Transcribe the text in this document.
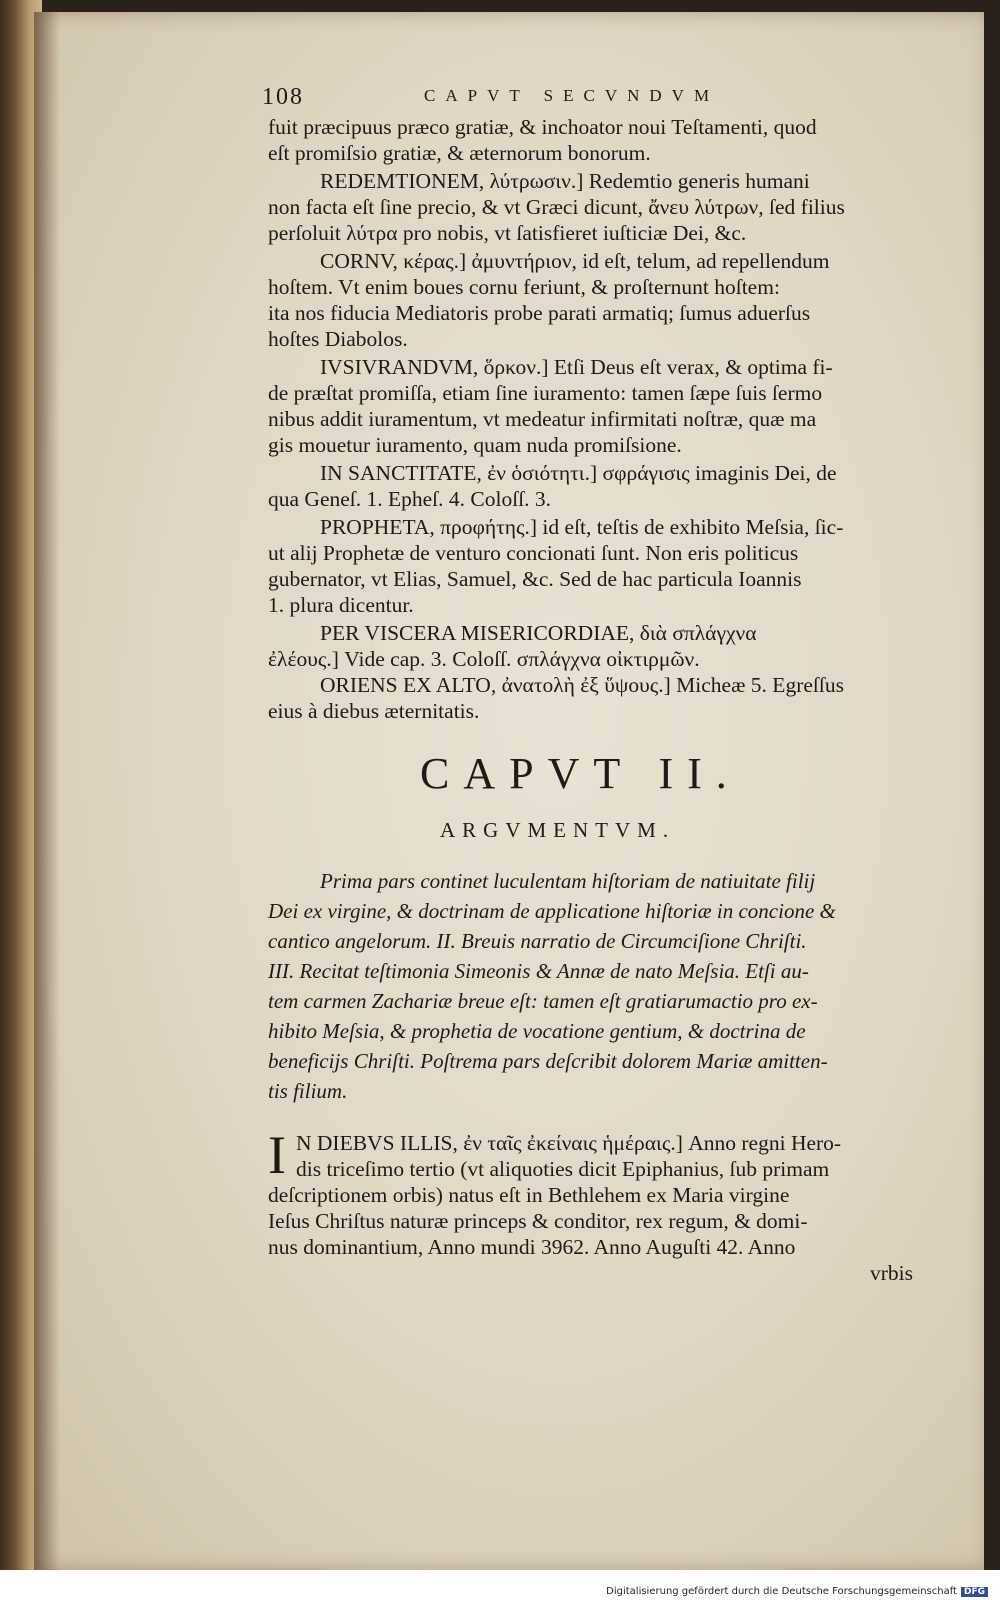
108	CAPVT SECVNDVM
fuit præcipuus præco gratiæ, & inchoator noui Teſtamenti, quod
eſt promiſsio gratiæ, & æternorum bonorum.
REDEMTIONEM, λύτρωσιν.] Redemtio generis humani
non facta eſt ſine precio, & vt Græci dicunt, ἄνευ λύτρων, ſed filius
perſoluit λύτρα pro nobis, vt ſatisfieret iuſticiæ Dei, &c.
CORNV, κέρας.] ἀμυντήριον, id eſt, telum, ad repellendum
hoſtem. Vt enim boues cornu feriunt, & proſternunt hoſtem:
ita nos fiducia Mediatoris probe parati armatiq; ſumus aduerſus
hoſtes Diabolos.
IVSIVRANDVM, ὅρκον.] Etſi Deus eſt verax, & optima fi-
de præſtat promiſſa, etiam ſine iuramento: tamen ſæpe ſuis ſermo
nibus addit iuramentum, vt medeatur infirmitati noſtræ, quæ ma
gis mouetur iuramento, quam nuda promiſsione.
IN SANCTITATE, ἐν ὁσιότητι.] σφράγισις imaginis Dei, de
qua Geneſ. 1. Epheſ. 4. Coloſſ. 3.
PROPHETA, προφήτης.] id eſt, teſtis de exhibito Meſsia, ſic-
ut alij Prophetæ de venturo concionati ſunt. Non eris politicus
gubernator, vt Elias, Samuel, &c. Sed de hac particula Ioannis
1. plura dicentur.
PER VISCERA MISERICORDIAE, διὰ σπλάγχνα
ἐλέους.] Vide cap. 3. Coloſſ. σπλάγχνα οἰκτιρμῶν.
ORIENS EX ALTO, ἀνατολὴ ἐξ ὕψους.] Micheæ 5. Egreſſus
eius à diebus æternitatis.
CAPVT II.
ARGVMENTVM.
Prima pars continet luculentam hiſtoriam de natiuitate filij
Dei ex virgine, & doctrinam de applicatione hiſtoriæ in concione &
cantico angelorum. II. Breuis narratio de Circumciſione Chriſti.
III. Recitat teſtimonia Simeonis & Annæ de nato Meſsia. Etſi au-
tem carmen Zachariæ breue eſt: tamen eſt gratiarumactio pro ex-
hibito Meſsia, & prophetia de vocatione gentium, & doctrina de
beneficijs Chriſti. Poſtrema pars deſcribit dolorem Mariæ amitten-
tis filium.
I N DIEBVS ILLIS, ἐν ταῖς ἐκείναις ἡμέραις.] Anno regni Hero-
dis triceſimo tertio (vt aliquoties dicit Epiphanius, ſub primam
deſcriptionem orbis) natus eſt in Bethlehem ex Maria virgine
Ieſus Chriſtus naturæ princeps & conditor, rex regum, & domi-
nus dominantium, Anno mundi 3962. Anno Auguſti 42. Anno
vrbis
Digitalisierung gefördert durch die Deutsche Forschungsgemeinschaft DFG
